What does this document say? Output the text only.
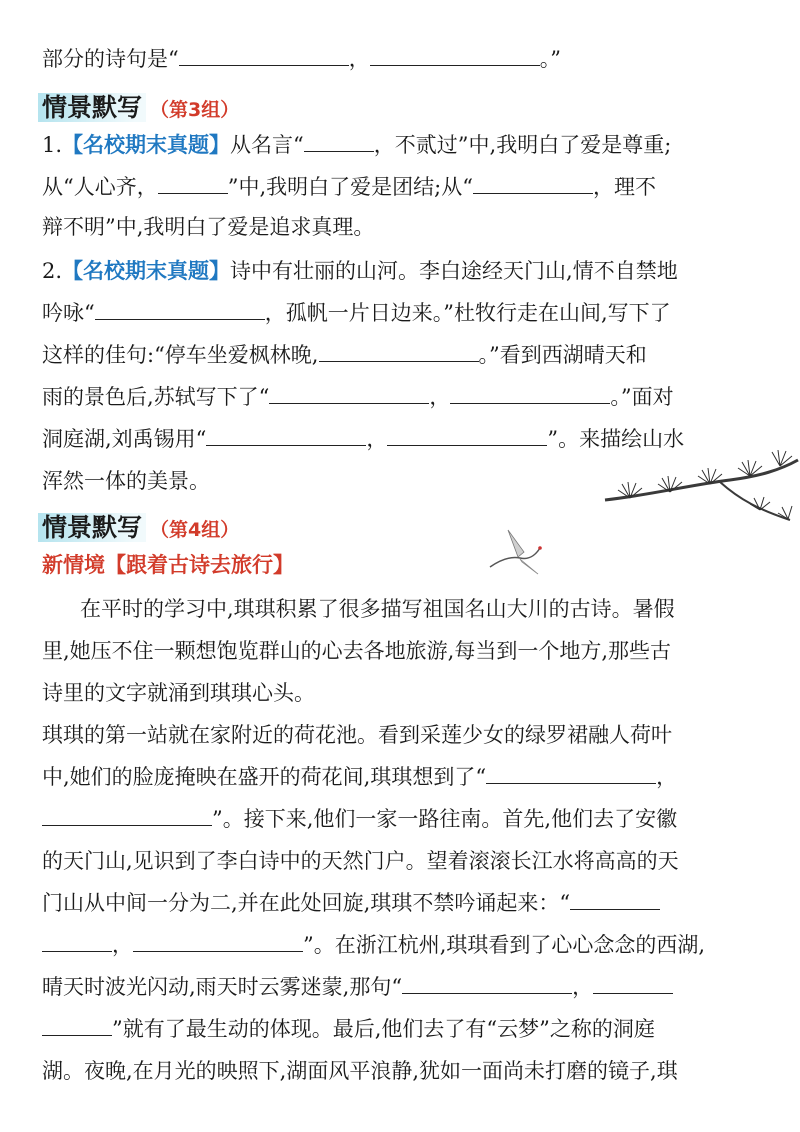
部分的诗句是“	，	。”
情景默写 （第3组）
1.【名校期末真题】从名言“	，不贰过”中,我明白了爱是尊重;
从“人心齐，	”中,我明白了爱是团结;从“	，理不
辩不明”中,我明白了爱是追求真理。
2.【名校期末真题】诗中有壮丽的山河。李白途经天门山,情不自禁地
吟咏“	，孤帆一片日边来。”杜牧行走在山间,写下了
这样的佳句:“停车坐爱枫林晚,	。”看到西湖晴天和
雨的景色后,苏轼写下了“	，	。”面对
洞庭湖,刘禹锡用“	，	”。来描绘山水
浑然一体的美景。
情景默写 （第4组）
新情境【跟着古诗去旅行】
在平时的学习中,琪琪积累了很多描写祖国名山大川的古诗。暑假
里,她压不住一颗想饱览群山的心去各地旅游,每当到一个地方,那些古
诗里的文字就涌到琪琪心头。
琪琪的第一站就在家附近的荷花池。看到采莲少女的绿罗裙融人荷叶
中,她们的脸庞掩映在盛开的荷花间,琪琪想到了“	，
”。接下来,他们一家一路往南。首先,他们去了安徽
的天门山,见识到了李白诗中的天然门户。望着滚滚长江水将高高的天
门山从中间一分为二,并在此处回旋,琪琪不禁吟诵起来：“
，	”。在浙江杭州,琪琪看到了心心念念的西湖,
晴天时波光闪动,雨天时云雾迷蒙,那句“	，
”就有了最生动的体现。最后,他们去了有“云梦”之称的洞庭
湖。夜晚,在月光的映照下,湖面风平浪静,犹如一面尚未打磨的镜子,琪
